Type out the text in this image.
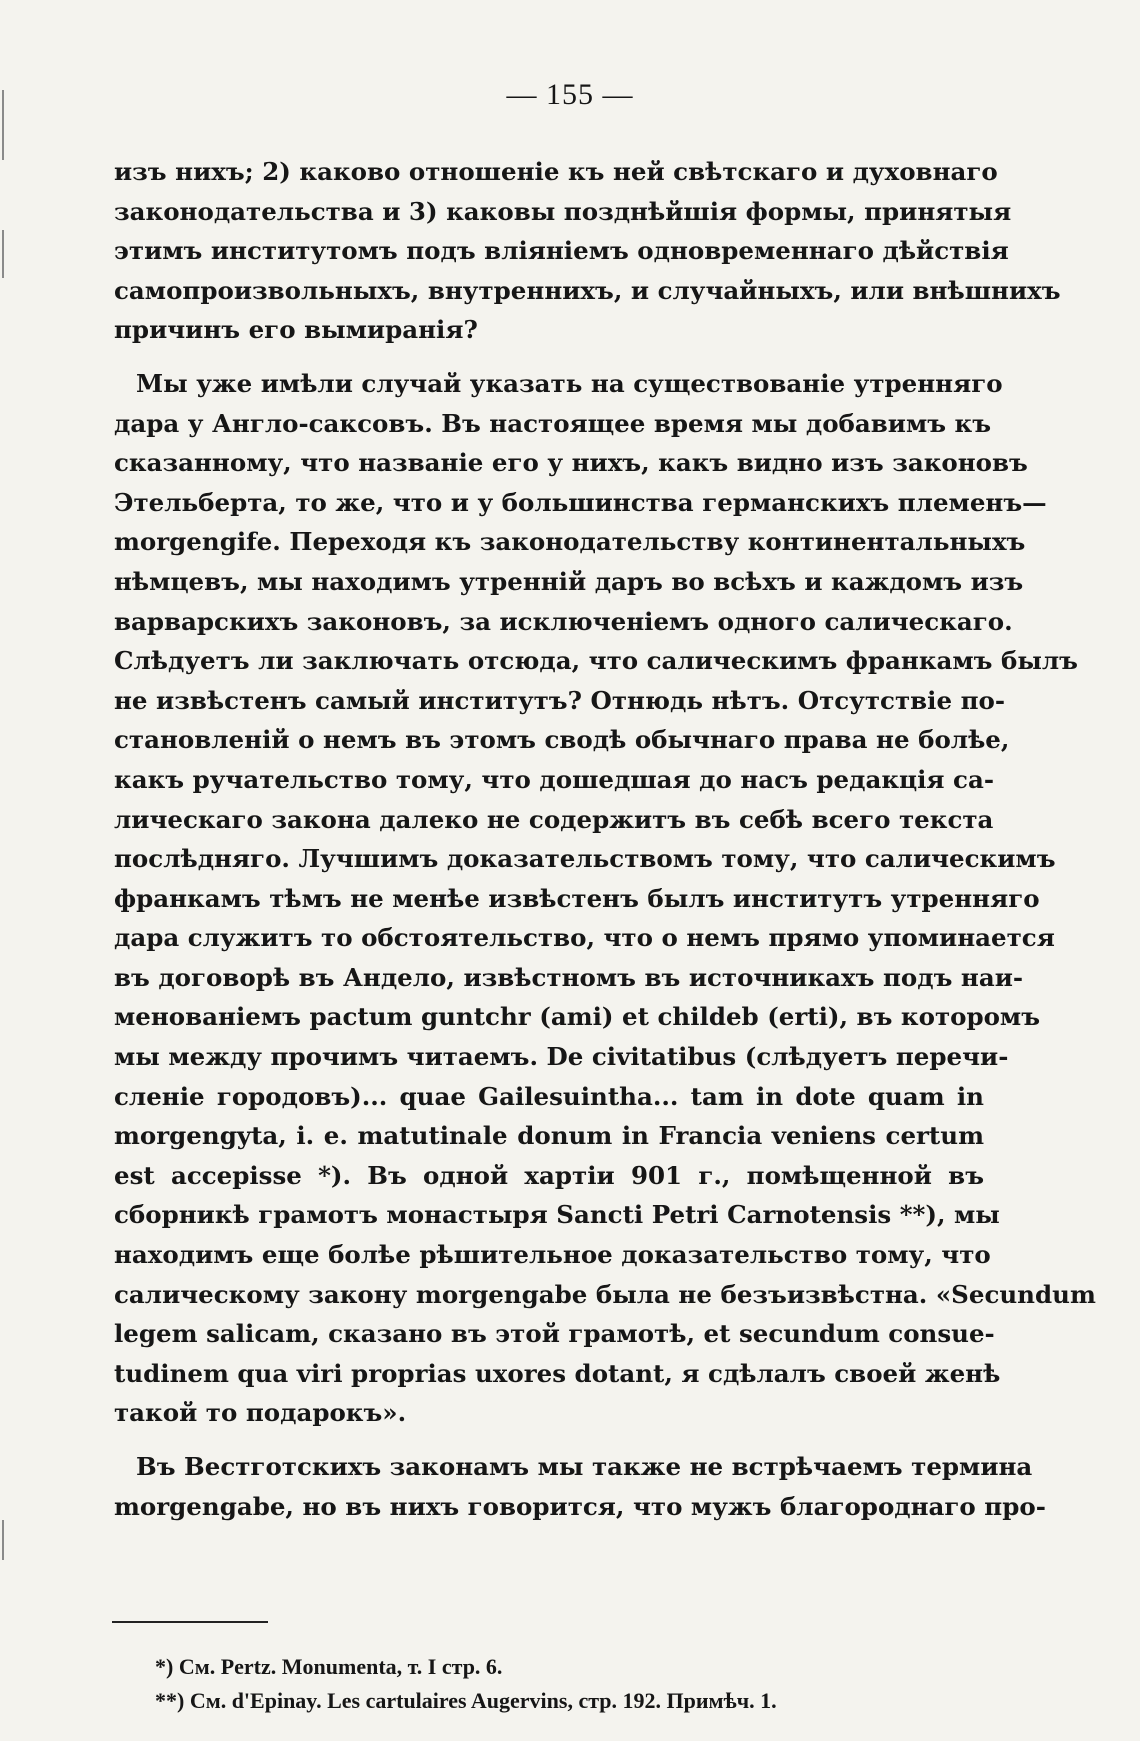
— 155 —
изъ нихъ; 2) каково отношеніе къ ней свѣтскаго и духовнаго
законодательства и 3) каковы позднѣйшія формы, принятыя
этимъ институтомъ подъ вліяніемъ одновременнаго дѣйствія
самопроизвольныхъ, внутреннихъ, и случайныхъ, или внѣшнихъ
причинъ его вымиранія?
Мы уже имѣли случай указать на существованіе утренняго
дара у Англо-саксовъ. Въ настоящее время мы добавимъ къ
сказанному, что названіе его у нихъ, какъ видно изъ законовъ
Этельберта, то же, что и у большинства германскихъ племенъ—
morgengife. Переходя къ законодательству континентальныхъ
нѣмцевъ, мы находимъ утренній даръ во всѣхъ и каждомъ изъ
варварскихъ законовъ, за исключеніемъ одного салическаго.
Слѣдуетъ ли заключать отсюда, что салическимъ франкамъ былъ
не извѣстенъ самый институтъ? Отнюдь нѣтъ. Отсутствіе по-
становленій о немъ въ этомъ сводѣ обычнаго права не болѣе,
какъ ручательство тому, что дошедшая до насъ редакція са-
лическаго закона далеко не содержитъ въ себѣ всего текста
послѣдняго. Лучшимъ доказательствомъ тому, что салическимъ
франкамъ тѣмъ не менѣе извѣстенъ былъ институтъ утренняго
дара служитъ то обстоятельство, что о немъ прямо упоминается
въ договорѣ въ Анделo, извѣстномъ въ источникахъ подъ наи-
менованіемъ pactum guntchr (ami) et childeb (erti), въ которомъ
мы между прочимъ читаемъ. De civitatibus (слѣдуетъ перечи-
сленіе городовъ)... quae Gailesuintha... tam in dote quam in
morgengyta, i. e. matutinale donum in Francia veniens certum
est accepisse *). Въ одной хартіи 901 г., помѣщенной въ
сборникѣ грамотъ монастыря Sancti Petri Carnotensis **), мы
находимъ еще болѣе рѣшительное доказательство тому, что
салическому закону morgengabe была не безъизвѣстна. «Secundum
legem salicam, сказано въ этой грамотѣ, et secundum consue-
tudinem qua viri proprias uxores dotant, я сдѣлалъ своей женѣ
такой то подарокъ».
Въ Вестготскихъ законамъ мы также не встрѣчаемъ термина
morgengabe, но въ нихъ говорится, что мужъ благороднаго про-
*) См. Pertz. Monumenta, т. I стр. 6.
**) См. d'Epinay. Les cartulaires Augervins, стр. 192. Примѣч. 1.
